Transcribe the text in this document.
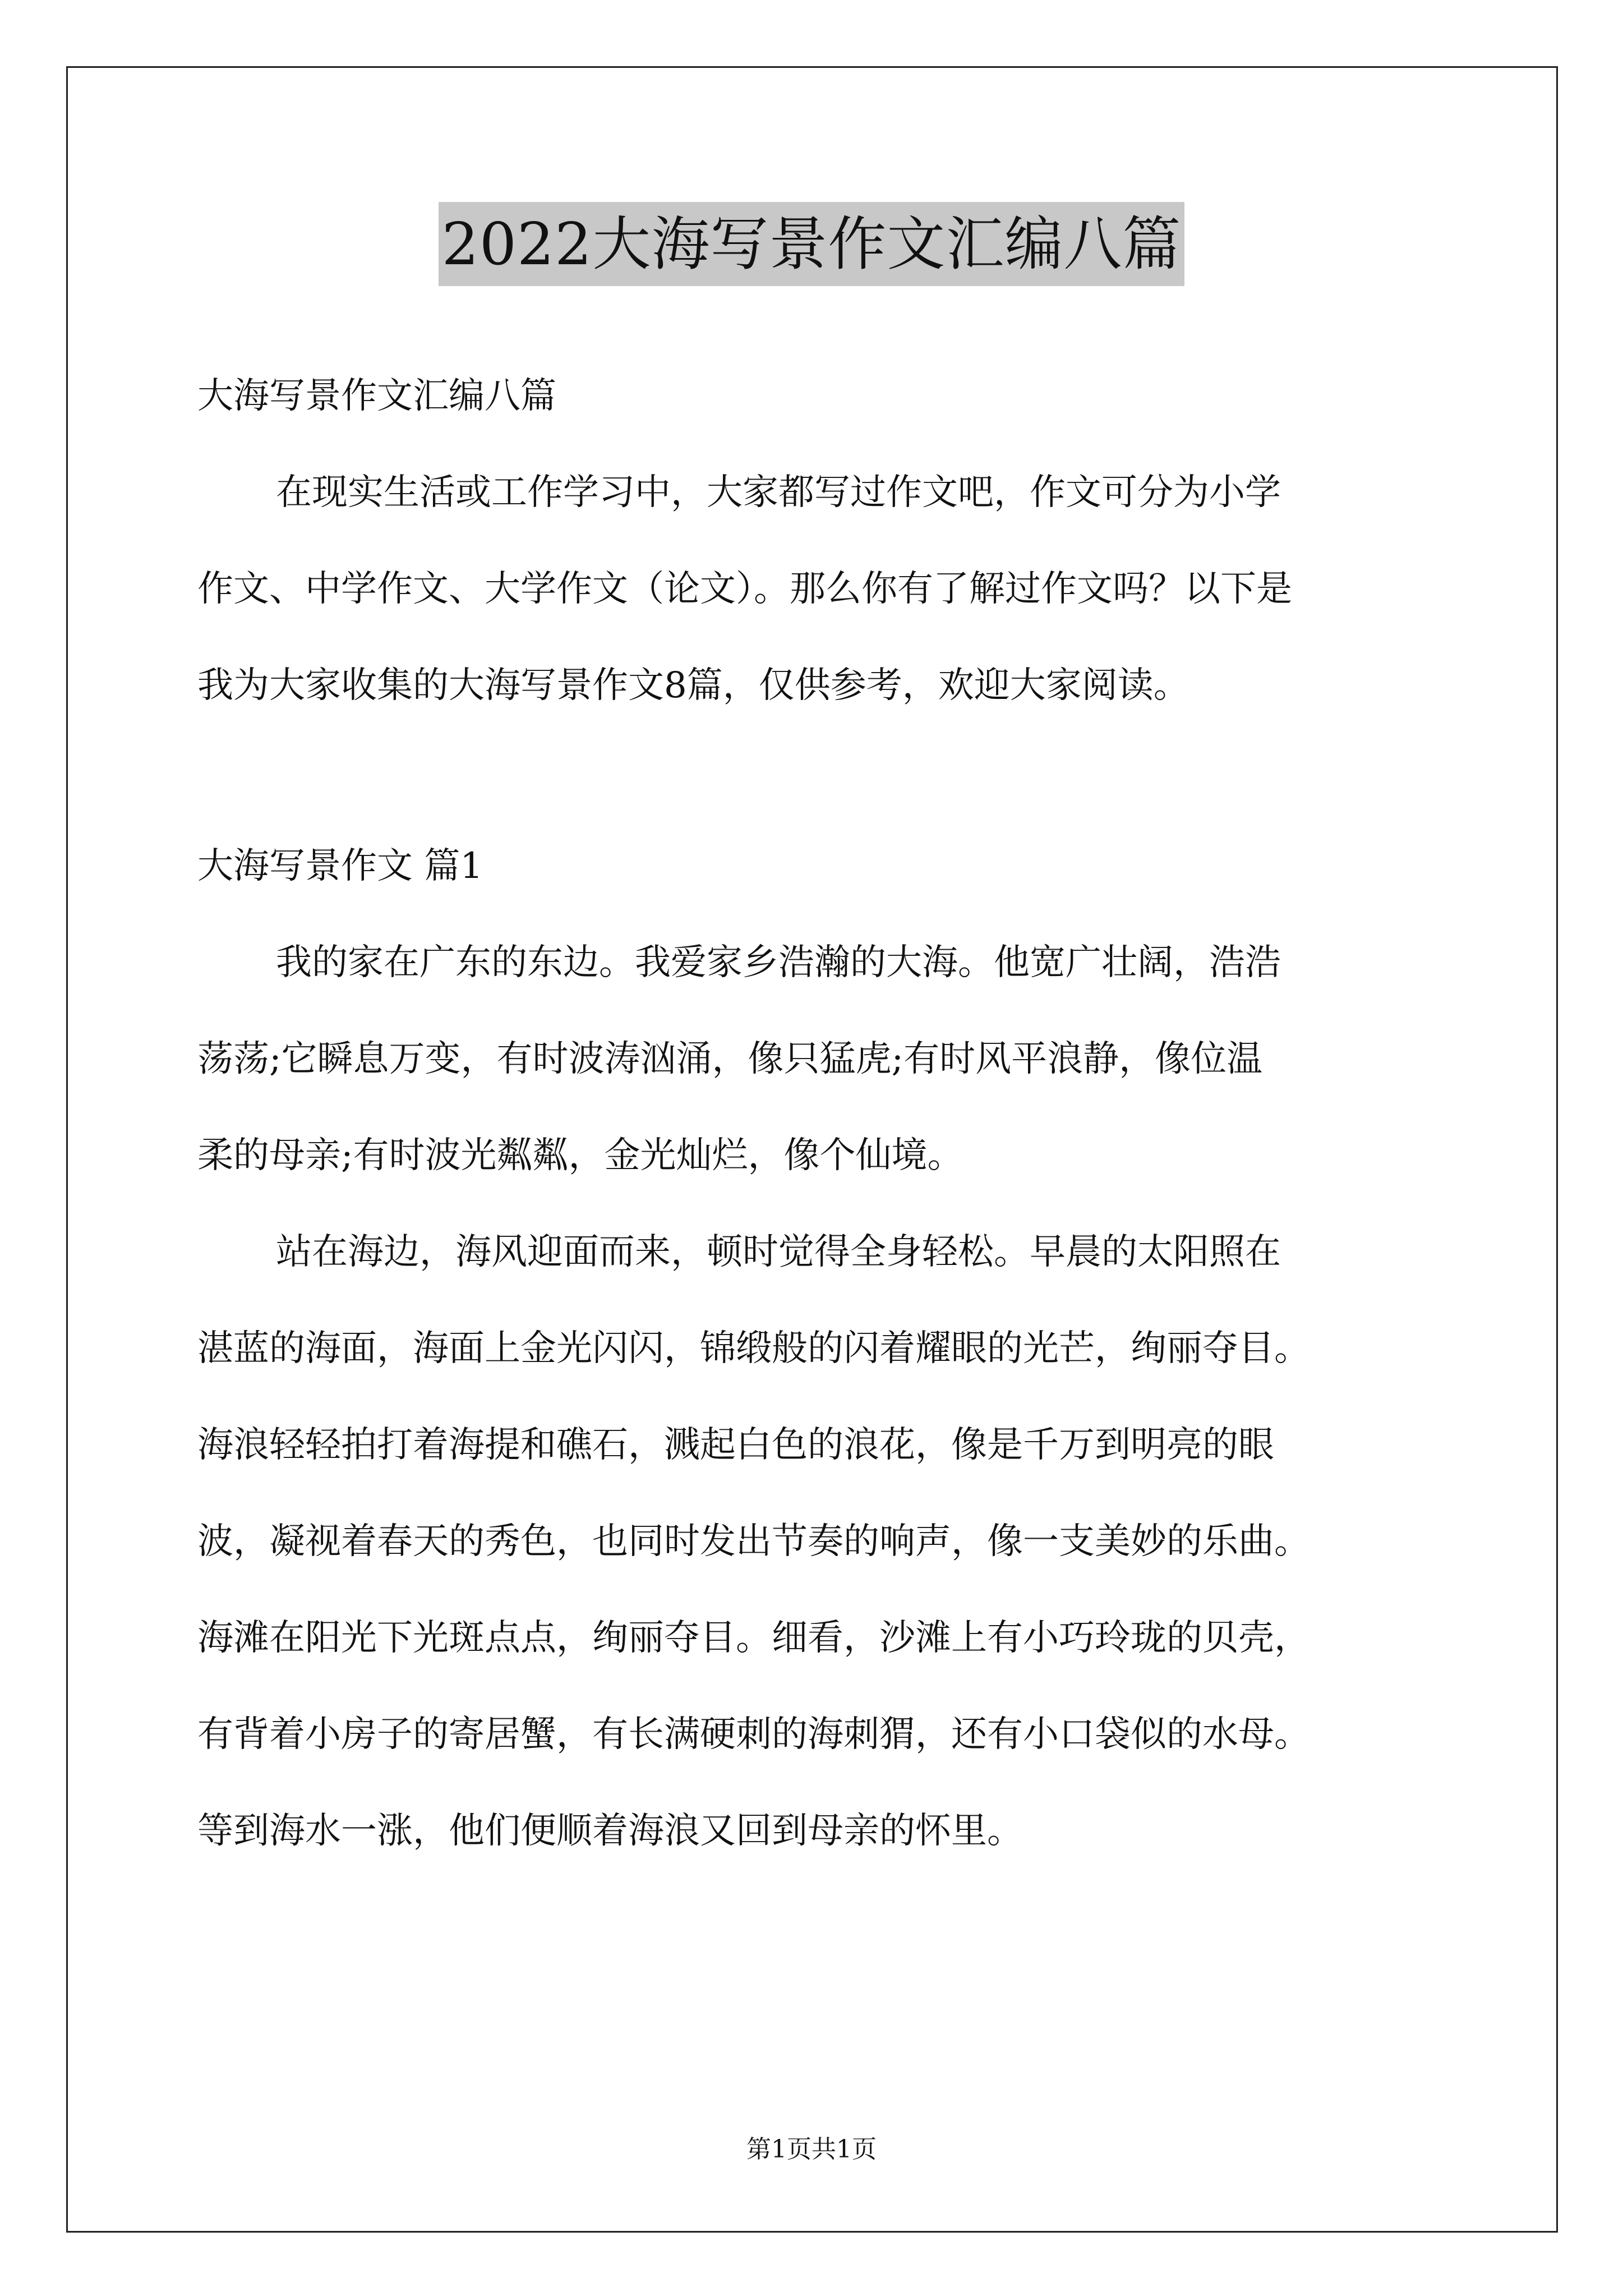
2022大海写景作文汇编八篇

大海写景作文汇编八篇

在现实生活或工作学习中，大家都写过作文吧，作文可分为小学

作文、中学作文、大学作文（论文）。那么你有了解过作文吗？以下是

我为大家收集的大海写景作文8篇，仅供参考，欢迎大家阅读。

大海写景作文 篇1

我的家在广东的东边。我爱家乡浩瀚的大海。他宽广壮阔，浩浩

荡荡;它瞬息万变，有时波涛汹涌，像只猛虎;有时风平浪静，像位温

柔的母亲;有时波光粼粼，金光灿烂，像个仙境。

站在海边，海风迎面而来，顿时觉得全身轻松。早晨的太阳照在

湛蓝的海面，海面上金光闪闪，锦缎般的闪着耀眼的光芒，绚丽夺目。

海浪轻轻拍打着海提和礁石，溅起白色的浪花，像是千万到明亮的眼

波，凝视着春天的秀色，也同时发出节奏的响声，像一支美妙的乐曲。

海滩在阳光下光斑点点，绚丽夺目。细看，沙滩上有小巧玲珑的贝壳，

有背着小房子的寄居蟹，有长满硬刺的海刺猬，还有小口袋似的水母。

等到海水一涨，他们便顺着海浪又回到母亲的怀里。

第1页共1页
